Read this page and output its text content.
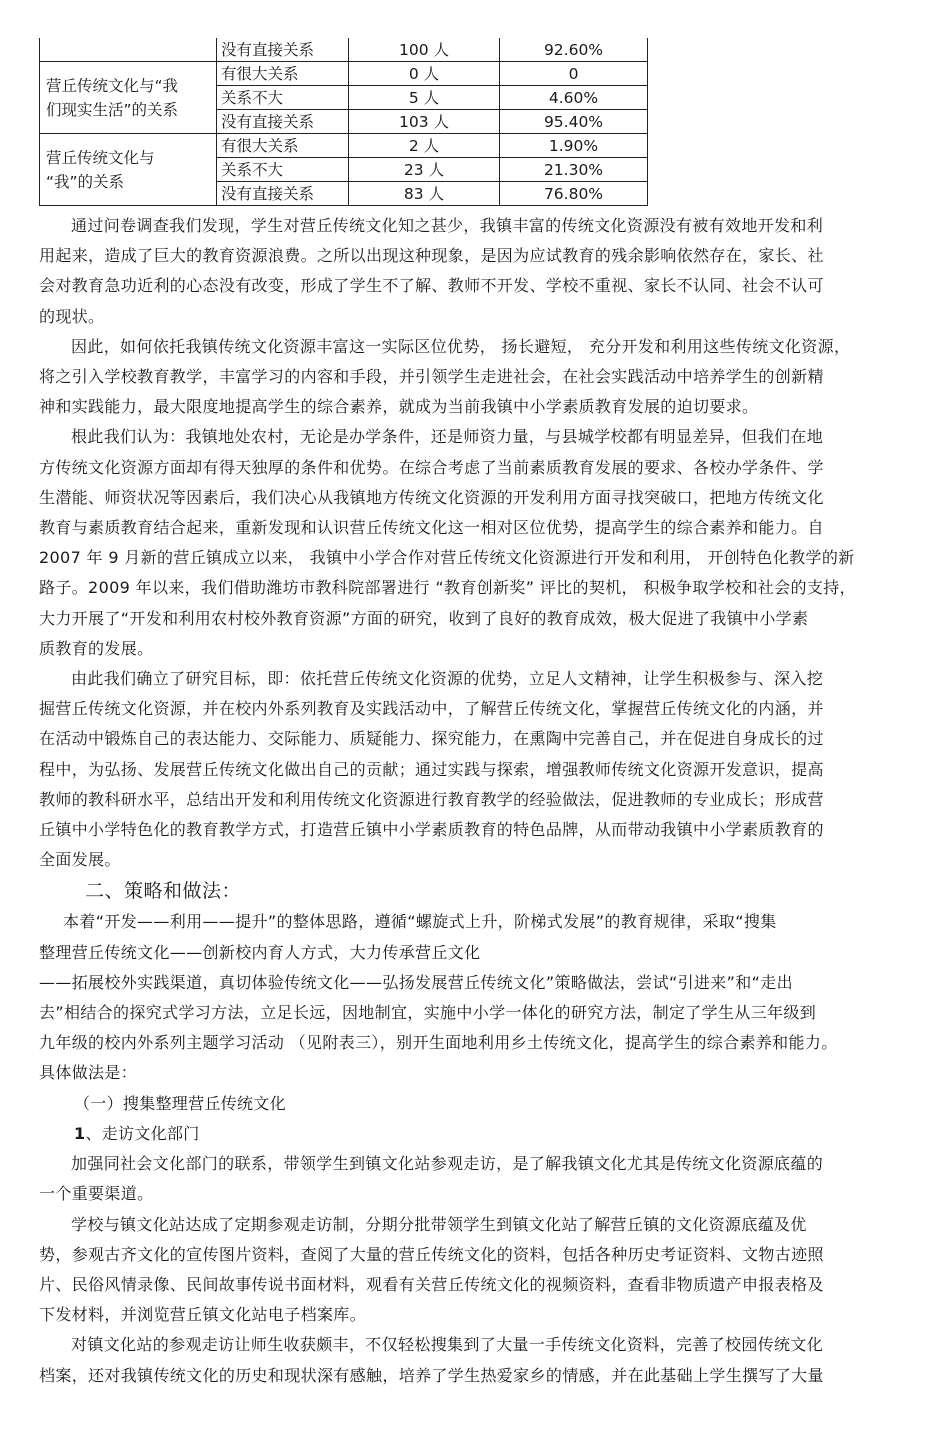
	没有直接关系	100 人	92.60%

营丘传统文化与“我
们现实生活”的关系	有很大关系	0 人	0
	关系不大	5 人	4.60%
	没有直接关系	103 人	95.40%

营丘传统文化与
“我”的关系	有很大关系	2 人	1.90%
	关系不大	23 人	21.30%
	没有直接关系	83 人	76.80%
通过问卷调查我们发现，学生对营丘传统文化知之甚少，我镇丰富的传统文化资源没有被有效地开发和利
用起来，造成了巨大的教育资源浪费。之所以出现这种现象，是因为应试教育的残余影响依然存在，家长、社
会对教育急功近利的心态没有改变，形成了学生不了解、教师不开发、学校不重视、家长不认同、社会不认可
的现状。
因此，如何依托我镇传统文化资源丰富这一实际区位优势， 扬长避短， 充分开发和利用这些传统文化资源，
将之引入学校教育教学，丰富学习的内容和手段，并引领学生走进社会，在社会实践活动中培养学生的创新精
神和实践能力，最大限度地提高学生的综合素养，就成为当前我镇中小学素质教育发展的迫切要求。
根此我们认为：我镇地处农村，无论是办学条件，还是师资力量，与县城学校都有明显差异，但我们在地
方传统文化资源方面却有得天独厚的条件和优势。在综合考虑了当前素质教育发展的要求、各校办学条件、学
生潜能、师资状况等因素后，我们决心从我镇地方传统文化资源的开发利用方面寻找突破口，把地方传统文化
教育与素质教育结合起来，重新发现和认识营丘传统文化这一相对区位优势，提高学生的综合素养和能力。自
2007 年 9 月新的营丘镇成立以来， 我镇中小学合作对营丘传统文化资源进行开发和利用， 开创特色化教学的新
路子。2009 年以来，我们借助潍坊市教科院部署进行 “教育创新奖” 评比的契机， 积极争取学校和社会的支持，
大力开展了“开发和利用农村校外教育资源”方面的研究，收到了良好的教育成效，极大促进了我镇中小学素
质教育的发展。
由此我们确立了研究目标，即：依托营丘传统文化资源的优势，立足人文精神，让学生积极参与、深入挖
掘营丘传统文化资源，并在校内外系列教育及实践活动中，了解营丘传统文化，掌握营丘传统文化的内涵，并
在活动中锻炼自己的表达能力、交际能力、质疑能力、探究能力，在熏陶中完善自己，并在促进自身成长的过
程中，为弘扬、发展营丘传统文化做出自己的贡献；通过实践与探索，增强教师传统文化资源开发意识，提高
教师的教科研水平，总结出开发和利用传统文化资源进行教育教学的经验做法，促进教师的专业成长；形成营
丘镇中小学特色化的教育教学方式，打造营丘镇中小学素质教育的特色品牌，从而带动我镇中小学素质教育的
全面发展。
二、策略和做法：
本着“开发——利用——提升”的整体思路，遵循“螺旋式上升，阶梯式发展”的教育规律，采取“搜集
整理营丘传统文化——创新校内育人方式，大力传承营丘文化
——拓展校外实践渠道，真切体验传统文化——弘扬发展营丘传统文化”策略做法，尝试“引进来”和“走出
去”相结合的探究式学习方法，立足长远，因地制宜，实施中小学一体化的研究方法，制定了学生从三年级到
九年级的校内外系列主题学习活动 （见附表三），别开生面地利用乡土传统文化，提高学生的综合素养和能力。
具体做法是：
（一）搜集整理营丘传统文化
1、走访文化部门
加强同社会文化部门的联系，带领学生到镇文化站参观走访，是了解我镇文化尤其是传统文化资源底蕴的
一个重要渠道。
学校与镇文化站达成了定期参观走访制，分期分批带领学生到镇文化站了解营丘镇的文化资源底蕴及优
势，参观古齐文化的宣传图片资料，查阅了大量的营丘传统文化的资料，包括各种历史考证资料、文物古迹照
片、民俗风情录像、民间故事传说书面材料，观看有关营丘传统文化的视频资料，查看非物质遗产申报表格及
下发材料，并浏览营丘镇文化站电子档案库。
对镇文化站的参观走访让师生收获颇丰，不仅轻松搜集到了大量一手传统文化资料，完善了校园传统文化
档案，还对我镇传统文化的历史和现状深有感触，培养了学生热爱家乡的情感，并在此基础上学生撰写了大量
